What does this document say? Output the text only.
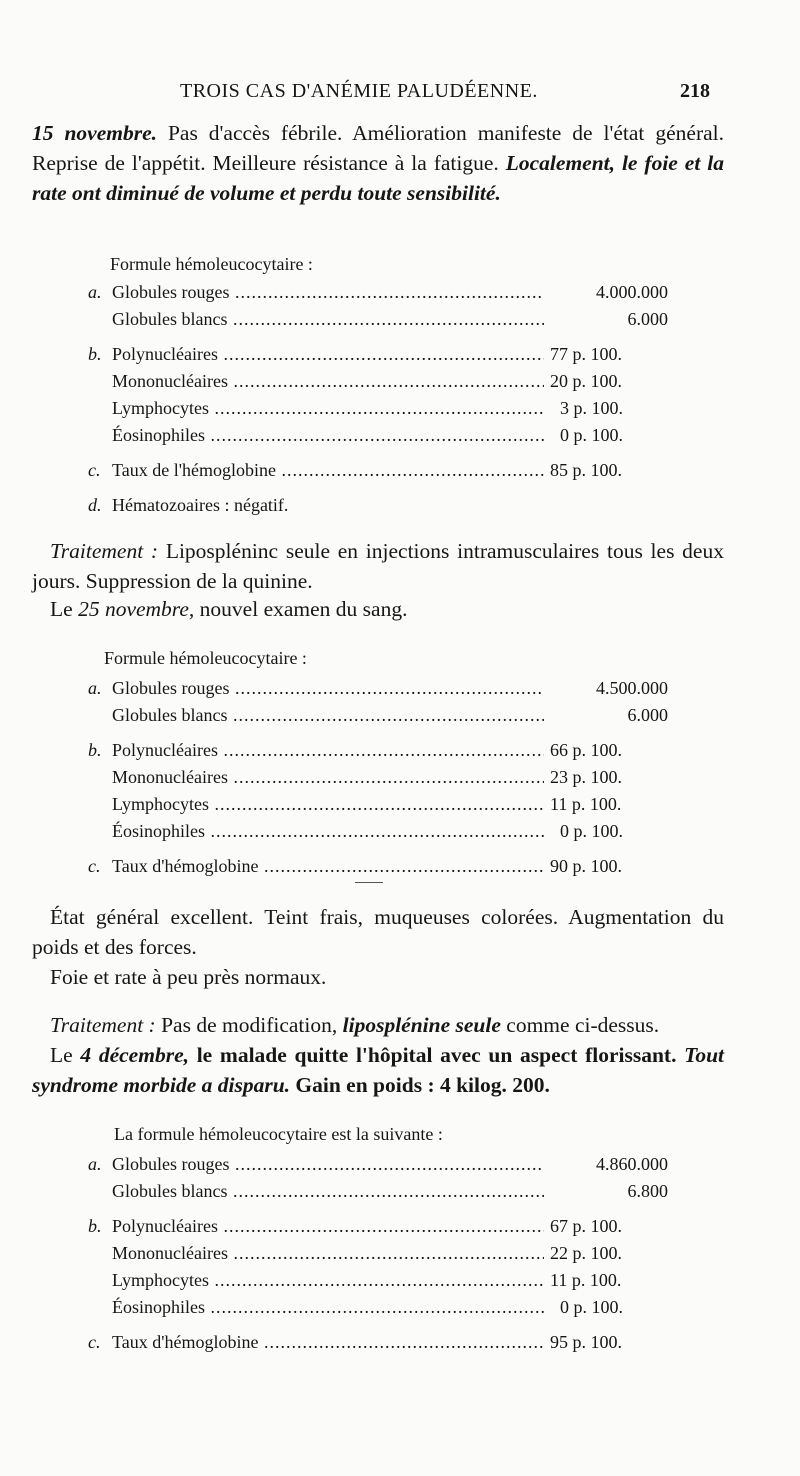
TROIS CAS D'ANÉMIE PALUDÉENNE.	218
15 novembre. Pas d'accès fébrile. Amélioration manifeste de l'état général. Reprise de l'appétit. Meilleure résistance à la fatigue. Localement, le foie et la rate ont diminué de volume et perdu toute sensibilité.
Formule hémoleucocytaire :
a. Globules rouges .....	4.000.000
Globules blancs .....	6.000
b. Polynucléaires .....	77 p. 100.
Mononucléaires .....	20 p. 100.
Lymphocytes .....	3 p. 100.
Éosinophiles .....	0 p. 100.
c. Taux de l'hémoglobine .....	85 p. 100.
d. Hématozoaires : négatif.
Traitement : Lipospléninc seule en injections intramusculaires tous les deux jours. Suppression de la quinine.
Le 25 novembre, nouvel examen du sang.
Formule hémoleucocytaire :
a. Globules rouges .....	4.500.000
Globules blancs .....	6.000
b. Polynucléaires .....	66 p. 100.
Mononucléaires .....	23 p. 100.
Lymphocytes .....	11 p. 100.
Éosinophiles .....	0 p. 100.
c. Taux d'hémoglobine .....	90 p. 100.
État général excellent. Teint frais, muqueuses colorées. Augmentation du poids et des forces.
Foie et rate à peu près normaux.
Traitement : Pas de modification, liposplénine seule comme ci-dessus.
Le 4 décembre, le malade quitte l'hôpital avec un aspect florissant. Tout syndrome morbide a disparu. Gain en poids : 4 kilog. 200.
La formule hémoleucocytaire est la suivante :
a. Globules rouges .....	4.860.000
Globules blancs .....	6.800
b. Polynucléaires .....	67 p. 100.
Mononucléaires .....	22 p. 100.
Lymphocytes .....	11 p. 100.
Éosinophiles .....	0 p. 100.
c. Taux d'hémoglobine .....	95 p. 100.
